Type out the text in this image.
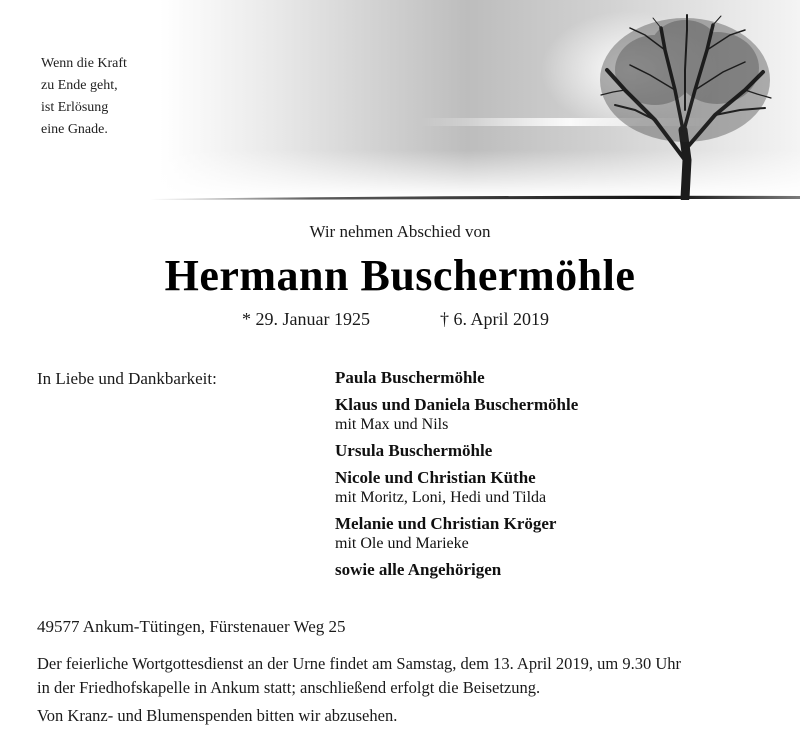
Wenn die Kraft
zu Ende geht,
ist Erlösung
eine Gnade.
Wir nehmen Abschied von
Hermann Buschermöhle
* 29. Januar 1925	† 6. April 2019
In Liebe und Dankbarkeit:	Paula Buschermöhle
Klaus und Daniela Buschermöhle
mit Max und Nils
Ursula Buschermöhle
Nicole und Christian Küthe
mit Moritz, Loni, Hedi und Tilda
Melanie und Christian Kröger
mit Ole und Marieke
sowie alle Angehörigen
49577 Ankum-Tütingen, Fürstenauer Weg 25
Der feierliche Wortgottesdienst an der Urne findet am Samstag, dem 13. April 2019, um 9.30 Uhr
in der Friedhofskapelle in Ankum statt; anschließend erfolgt die Beisetzung.
Von Kranz- und Blumenspenden bitten wir abzusehen.
